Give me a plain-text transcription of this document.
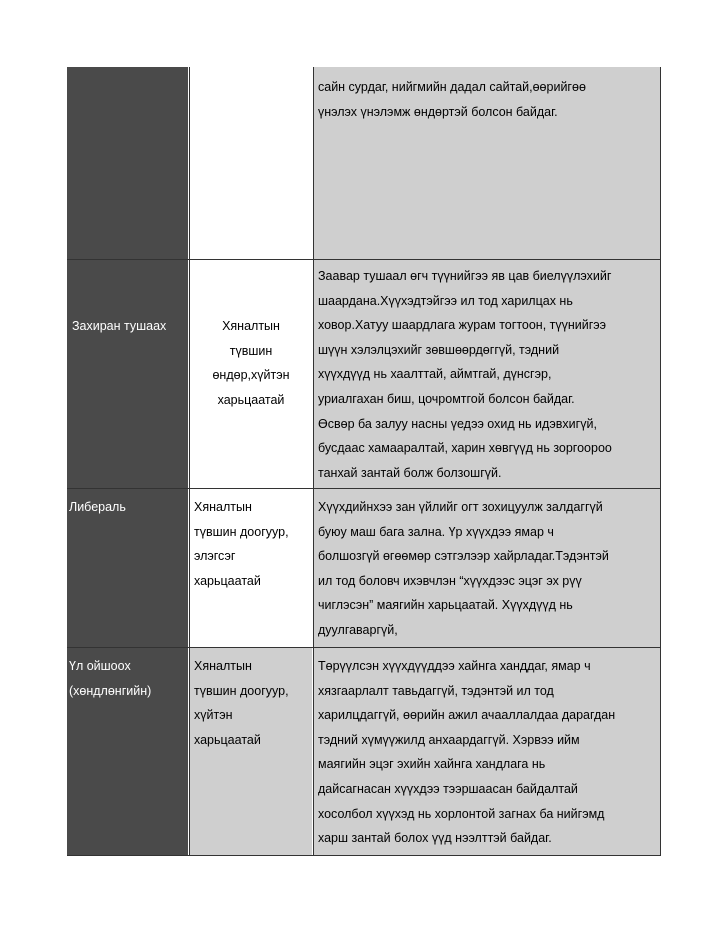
сайн сурдаг, нийгмийн дадал сайтай,өөрийгөө
үнэлэх үнэлэмж өндөртэй болсон байдаг.
Захиран тушаах	Хяналтын
түвшин
өндөр,хүйтэн
харьцаатай
Заавар тушаал өгч түүнийгээ яв цав биелүүлэхийг
шаардана.Хүүхэдтэйгээ ил тод харилцах нь
ховор.Хатуу шаардлага журам тогтоон, түүнийгээ
шүүн хэлэлцэхийг зөвшөөрдөггүй, тэдний
хүүхдүүд нь хаалттай, аймтгай, дүнсгэр,
уриалгахан биш, цочромтгой болсон байдаг.
Өсвөр ба залуу насны үедээ охид нь идэвхигүй,
бусдаас хамааралтай, харин хөвгүүд нь зоргоороо
танхай зантай болж болзошгүй.
Либераль	Хяналтын
түвшин доогуур,
элэгсэг
харьцаатай
Хүүхдийнхээ зан үйлийг огт зохицуулж залдаггүй
буюу маш бага зална. Үр хүүхдээ ямар ч
болшозгүй өгөөмөр сэтгэлээр хайрладаг.Тэдэнтэй
ил тод боловч ихэвчлэн “хүүхдээс эцэг эх рүү
чиглэсэн” маягийн харьцаатай. Хүүхдүүд нь
дуулгаваргүй,
Үл ойшоох
(хөндлөнгийн)
Хяналтын
түвшин доогуур,
хүйтэн
харьцаатай
Төрүүлсэн хүүхдүүддээ хайнга ханддаг, ямар ч
хязгаарлалт тавьдаггүй, тэдэнтэй ил тод
харилцдаггүй, өөрийн ажил ачааллалдаа дарагдан
тэдний хүмүүжилд анхаардаггүй. Хэрвээ ийм
маягийн эцэг эхийн хайнга хандлага нь
дайсагнасан хүүхдээ тээршаасан байдалтай
хосолбол хүүхэд нь хорлонтой загнах ба нийгэмд
харш зантай болох үүд нээлттэй байдаг.
